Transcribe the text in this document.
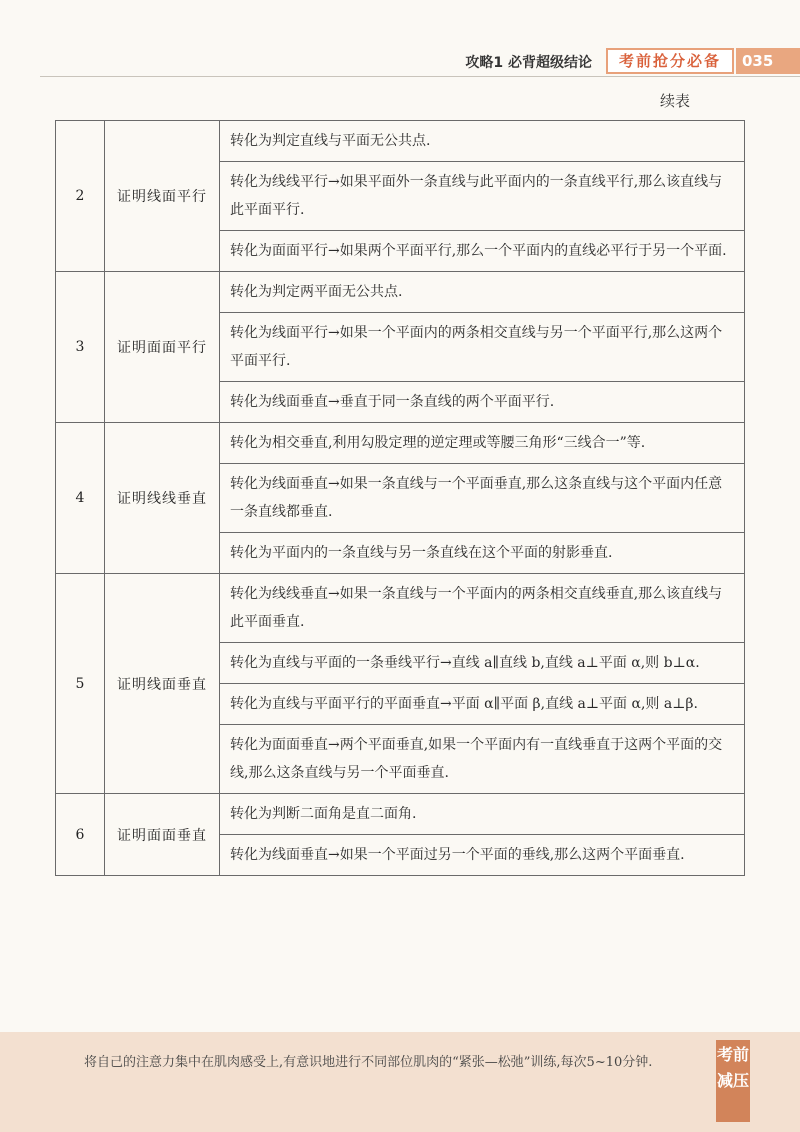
攻略1 必背超级结论	考前抢分必备	035
续表
2	证明线面平行	转化为判定直线与平面无公共点.
		转化为线线平行→如果平面外一条直线与此平面内的一条直线平行,那么该直线与此平面平行.
		转化为面面平行→如果两个平面平行,那么一个平面内的直线必平行于另一个平面.
3	证明面面平行	转化为判定两平面无公共点.
		转化为线面平行→如果一个平面内的两条相交直线与另一个平面平行,那么这两个平面平行.
		转化为线面垂直→垂直于同一条直线的两个平面平行.
4	证明线线垂直	转化为相交垂直,利用勾股定理的逆定理或等腰三角形“三线合一”等.
		转化为线面垂直→如果一条直线与一个平面垂直,那么这条直线与这个平面内任意一条直线都垂直.
		转化为平面内的一条直线与另一条直线在这个平面的射影垂直.
5	证明线面垂直	转化为线线垂直→如果一条直线与一个平面内的两条相交直线垂直,那么该直线与此平面垂直.
		转化为直线与平面的一条垂线平行→直线 a∥直线 b,直线 a⊥平面 α,则 b⊥α.
		转化为直线与平面平行的平面垂直→平面 α∥平面 β,直线 a⊥平面 α,则 a⊥β.
		转化为面面垂直→两个平面垂直,如果一个平面内有一直线垂直于这两个平面的交线,那么这条直线与另一个平面垂直.
6	证明面面垂直	转化为判断二面角是直二面角.
		转化为线面垂直→如果一个平面过另一个平面的垂线,那么这两个平面垂直.
将自己的注意力集中在肌肉感受上,有意识地进行不同部位肌肉的“紧张—松弛”训练,每次5~10分钟.	考前减压
